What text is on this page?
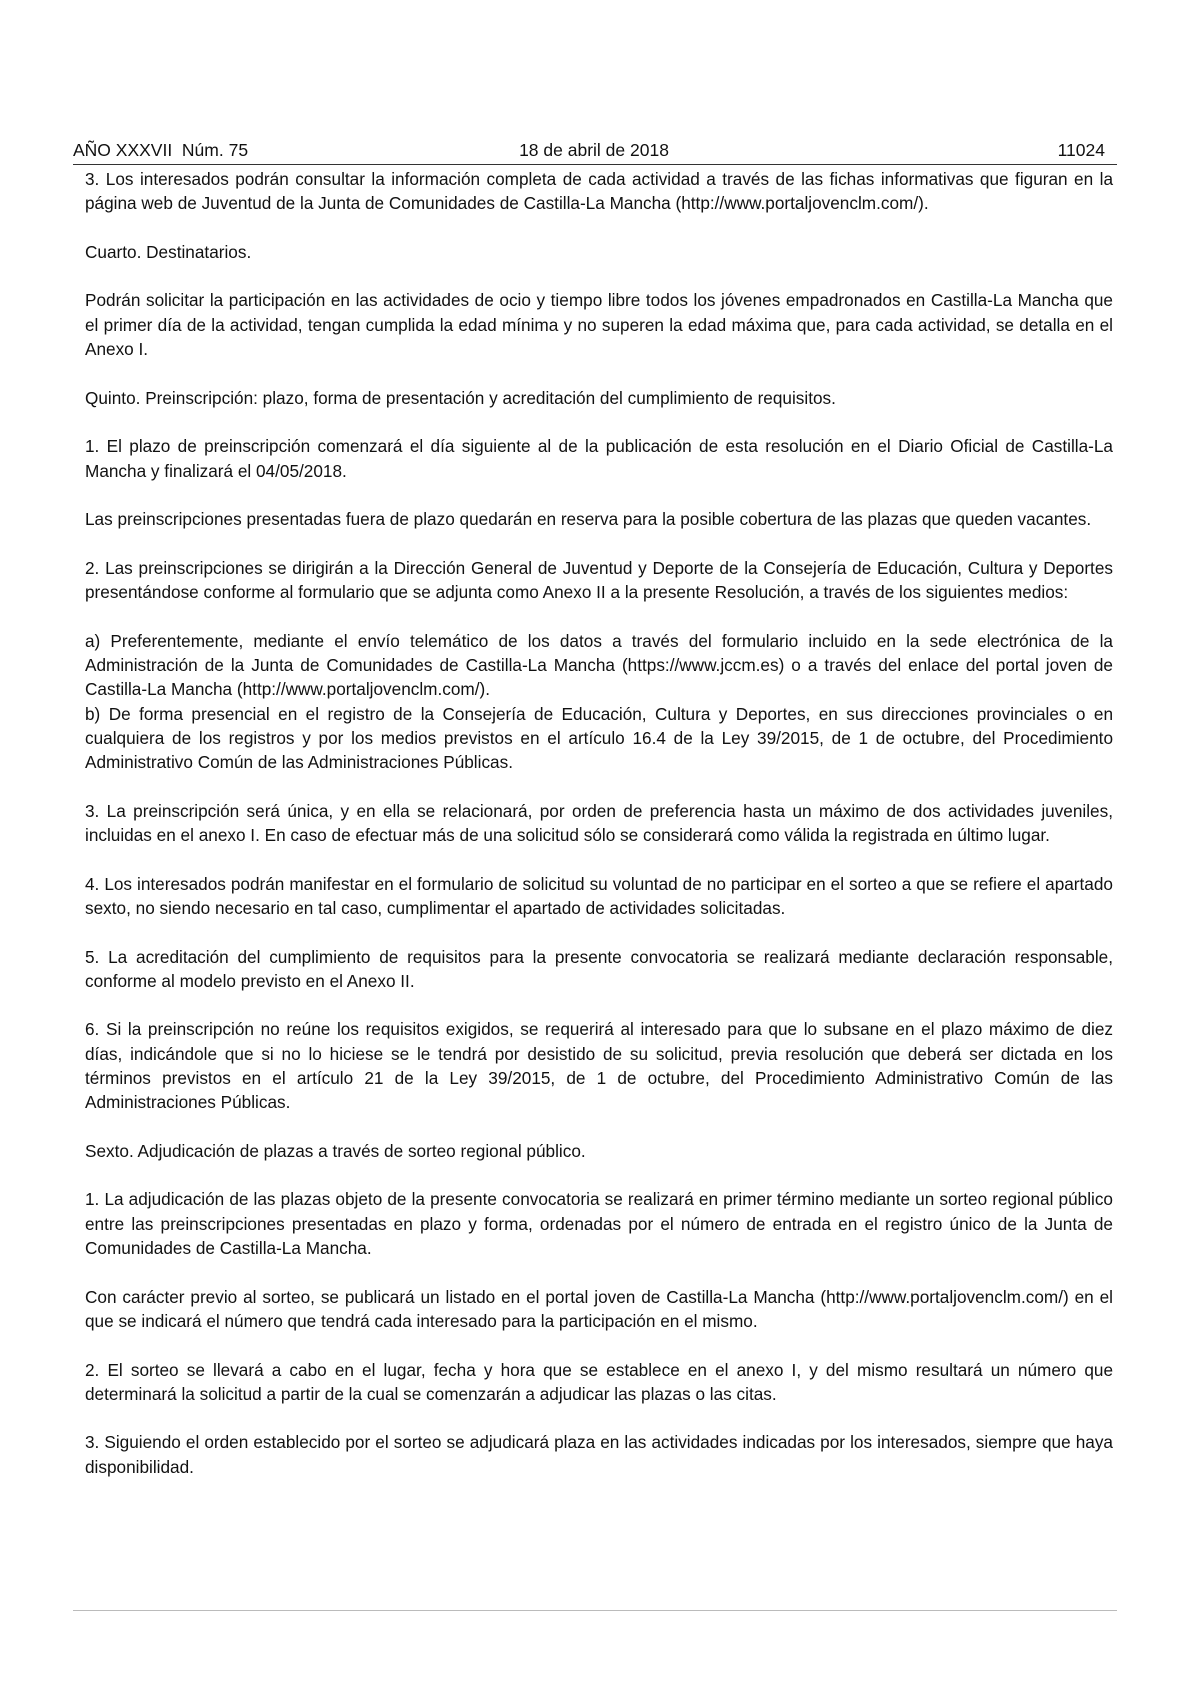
AÑO XXXVII  Núm. 75	18 de abril de 2018	11024

3. Los interesados podrán consultar la información completa de cada actividad a través de las fichas informativas que figuran en la página web de Juventud de la Junta de Comunidades de Castilla-La Mancha (http://www.portaljovenclm.com/).

Cuarto. Destinatarios.

Podrán solicitar la participación en las actividades de ocio y tiempo libre todos los jóvenes empadronados en Castilla-La Mancha que el primer día de la actividad, tengan cumplida la edad mínima y no superen la edad máxima que, para cada actividad, se detalla en el Anexo I.

Quinto. Preinscripción: plazo, forma de presentación y acreditación del cumplimiento de requisitos.

1. El plazo de preinscripción comenzará el día siguiente al de la publicación de esta resolución en el Diario Oficial de Castilla-La Mancha y finalizará el 04/05/2018.

Las preinscripciones presentadas fuera de plazo quedarán en reserva para la posible cobertura de las plazas que queden vacantes.

2. Las preinscripciones se dirigirán a la Dirección General de Juventud y Deporte de la Consejería de Educación, Cultura y Deportes presentándose conforme al formulario que se adjunta como Anexo II a la presente Resolución, a través de los siguientes medios:

a) Preferentemente, mediante el envío telemático de los datos a través del formulario incluido en la sede electrónica de la Administración de la Junta de Comunidades de Castilla-La Mancha (https://www.jccm.es) o a través del enlace del portal joven de Castilla-La Mancha (http://www.portaljovenclm.com/).

b) De forma presencial en el registro de la Consejería de Educación, Cultura y Deportes, en sus direcciones provinciales o en cualquiera de los registros y por los medios previstos en el artículo 16.4 de la Ley 39/2015, de 1 de octubre, del Procedimiento Administrativo Común de las Administraciones Públicas.

3. La preinscripción será única, y en ella se relacionará, por orden de preferencia hasta un máximo de dos actividades juveniles, incluidas en el anexo I. En caso de efectuar más de una solicitud sólo se considerará como válida la registrada en último lugar.

4. Los interesados podrán manifestar en el formulario de solicitud su voluntad de no participar en el sorteo a que se refiere el apartado sexto, no siendo necesario en tal caso, cumplimentar el apartado de actividades solicitadas.

5. La acreditación del cumplimiento de requisitos para la presente convocatoria se realizará mediante declaración responsable, conforme al modelo previsto en el Anexo II.

6. Si la preinscripción no reúne los requisitos exigidos, se requerirá al interesado para que lo subsane en el plazo máximo de diez días, indicándole que si no lo hiciese se le tendrá por desistido de su solicitud, previa resolución que deberá ser dictada en los términos previstos en el artículo 21 de la Ley 39/2015, de 1 de octubre, del Procedimiento Administrativo Común de las Administraciones Públicas.

Sexto. Adjudicación de plazas a través de sorteo regional público.

1. La adjudicación de las plazas objeto de la presente convocatoria se realizará en primer término mediante un sorteo regional público entre las preinscripciones presentadas en plazo y forma, ordenadas por el número de entrada en el registro único de la Junta de Comunidades de Castilla-La Mancha.

Con carácter previo al sorteo, se publicará un listado en el portal joven de Castilla-La Mancha (http://www.portaljovenclm.com/) en el que se indicará el número que tendrá cada interesado para la participación en el mismo.

2. El sorteo se llevará a cabo en el lugar, fecha y hora que se establece en el anexo I, y del mismo resultará un número que determinará la solicitud a partir de la cual se comenzarán a adjudicar las plazas o las citas.

3. Siguiendo el orden establecido por el sorteo se adjudicará plaza en las actividades indicadas por los interesados, siempre que haya disponibilidad.
